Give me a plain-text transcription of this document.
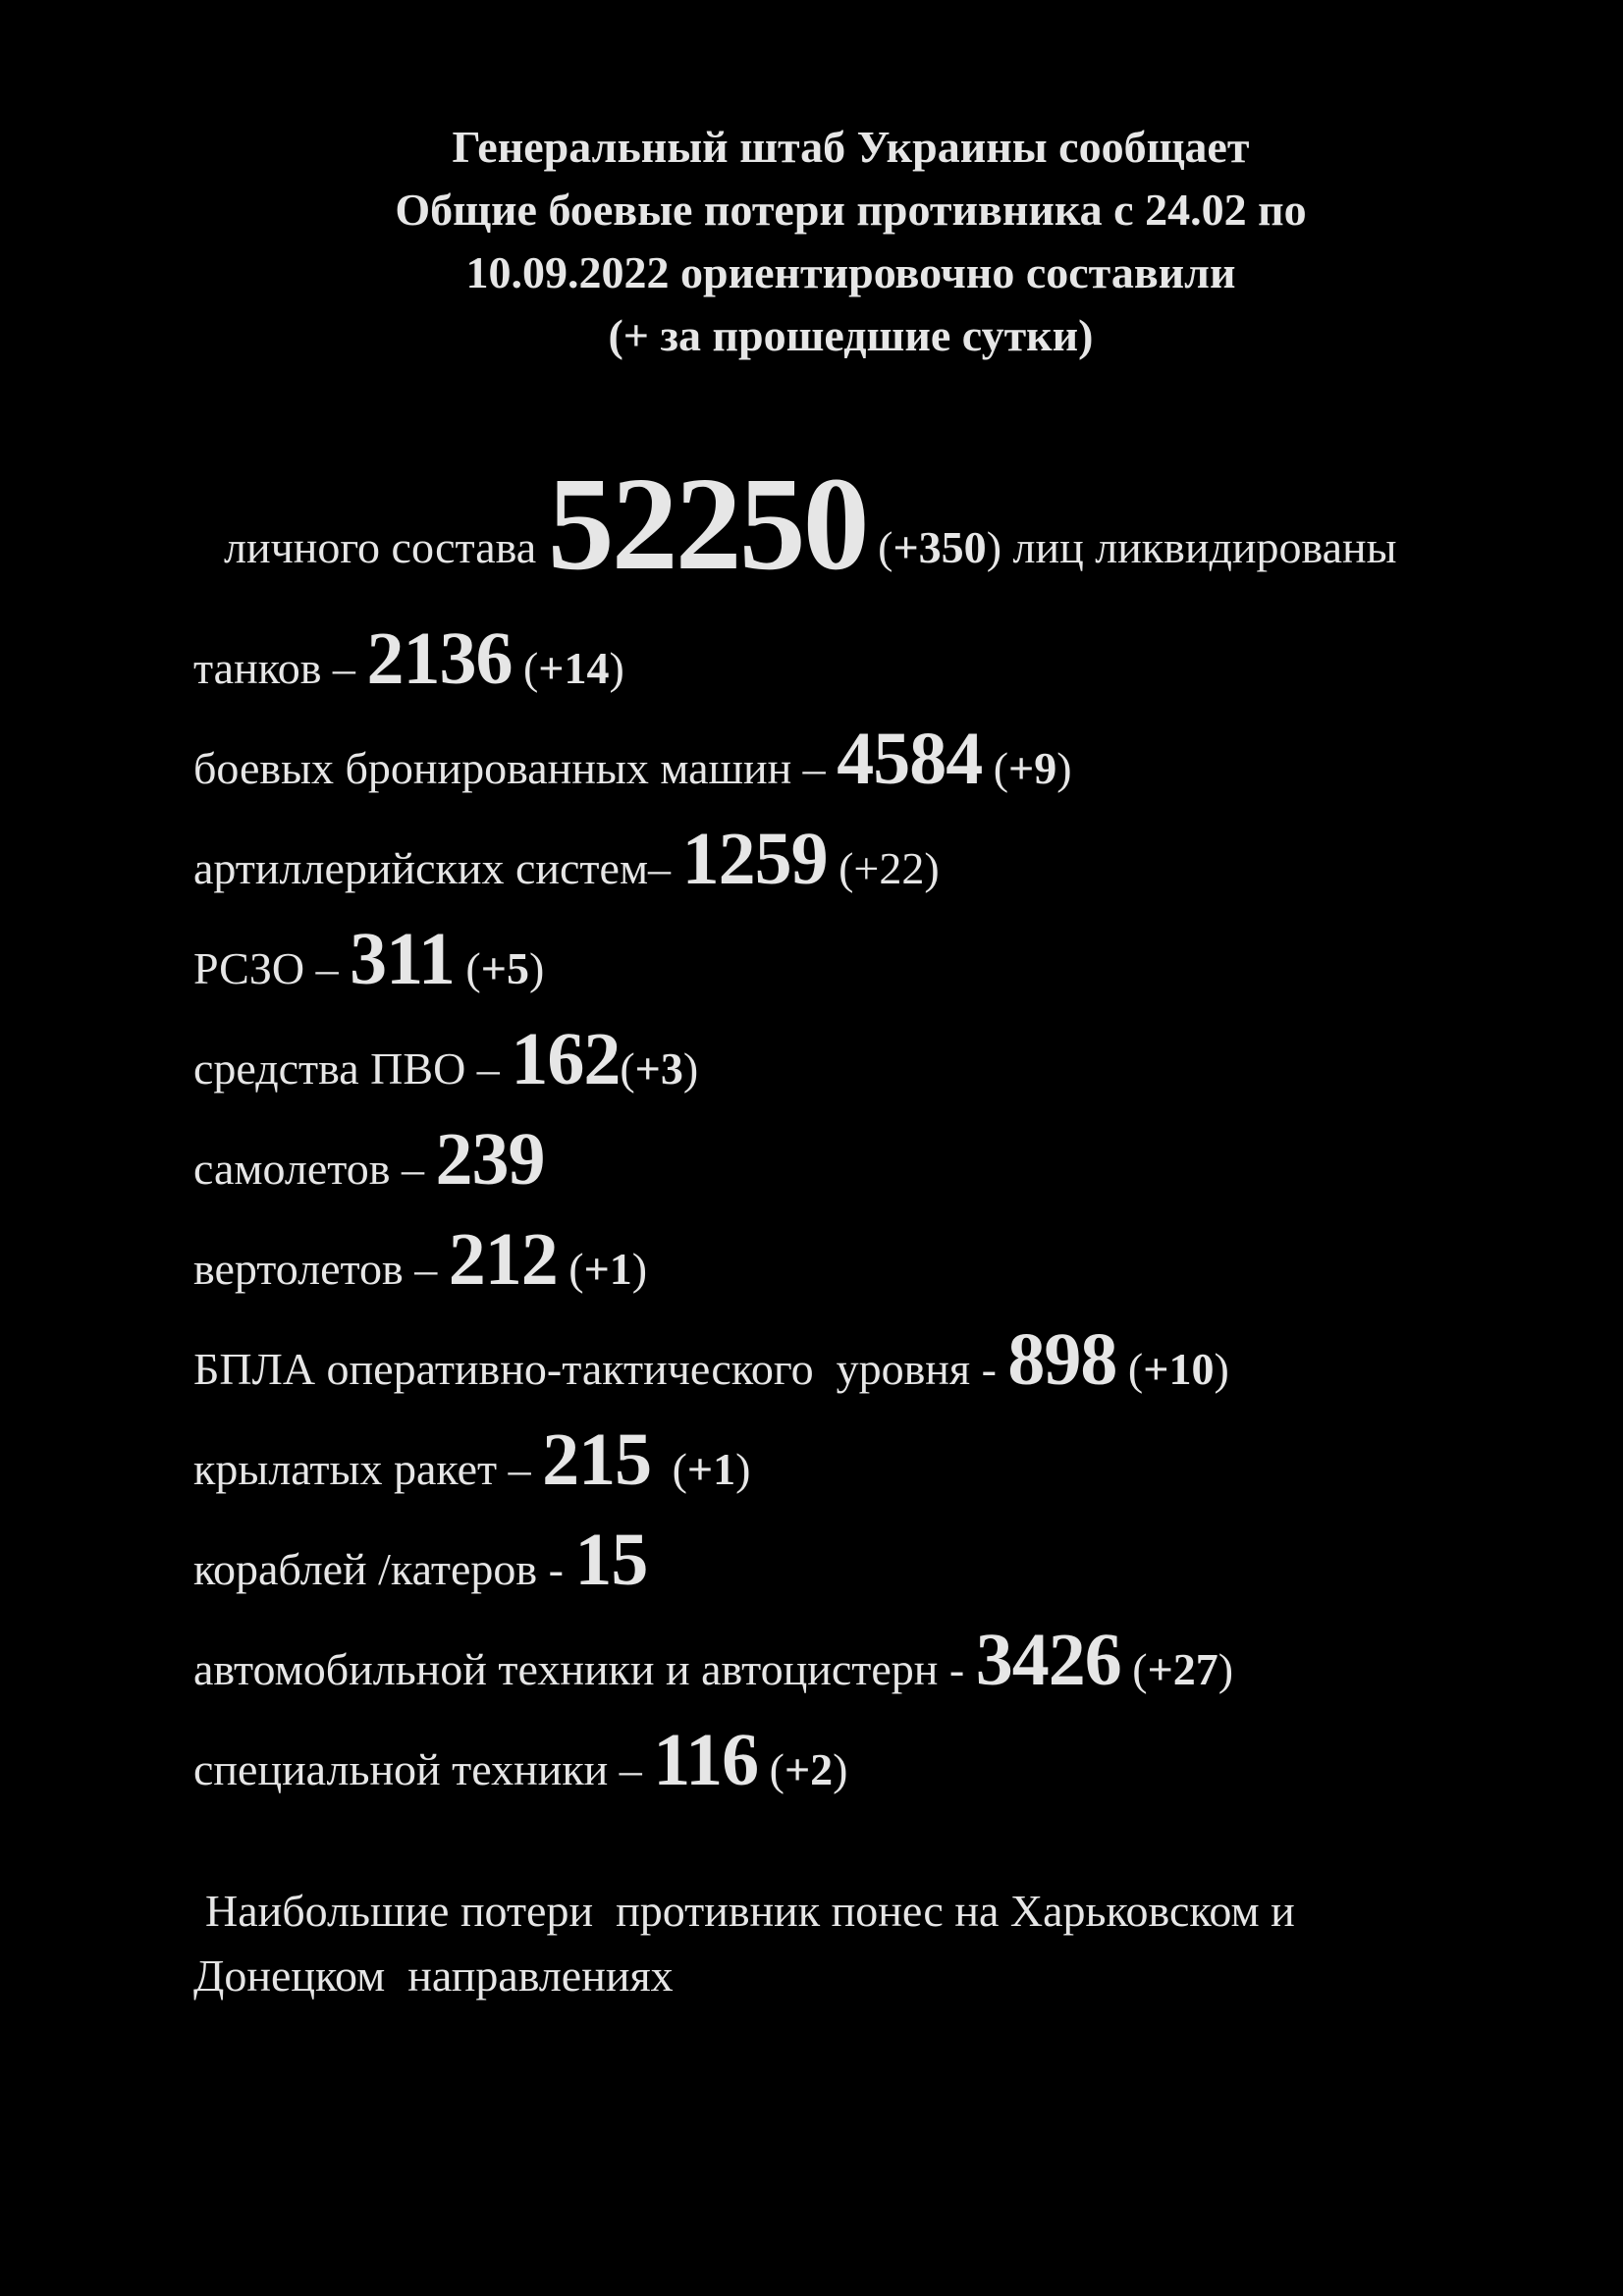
Генеральный штаб Украины сообщает
Общие боевые потери противника с 24.02 по
10.09.2022 ориентировочно составили
(+ за прошедшие сутки)
личного состава 52250 (+350) лиц ликвидированы
танков – 2136 (+14)
боевых бронированных машин – 4584 (+9)
артиллерийских систем– 1259 (+22)
РСЗО – 311 (+5)
средства ПВО – 162(+3)
самолетов – 239
вертолетов – 212 (+1)
БПЛА оперативно-тактического  уровня - 898 (+10)
крылатых ракет – 215 (+1)
кораблей /катеров - 15
автомобильной техники и автоцистерн - 3426 (+27)
специальной техники – 116 (+2)
Наибольшие потери  противник понес на Харьковском и
Донецком  направлениях
